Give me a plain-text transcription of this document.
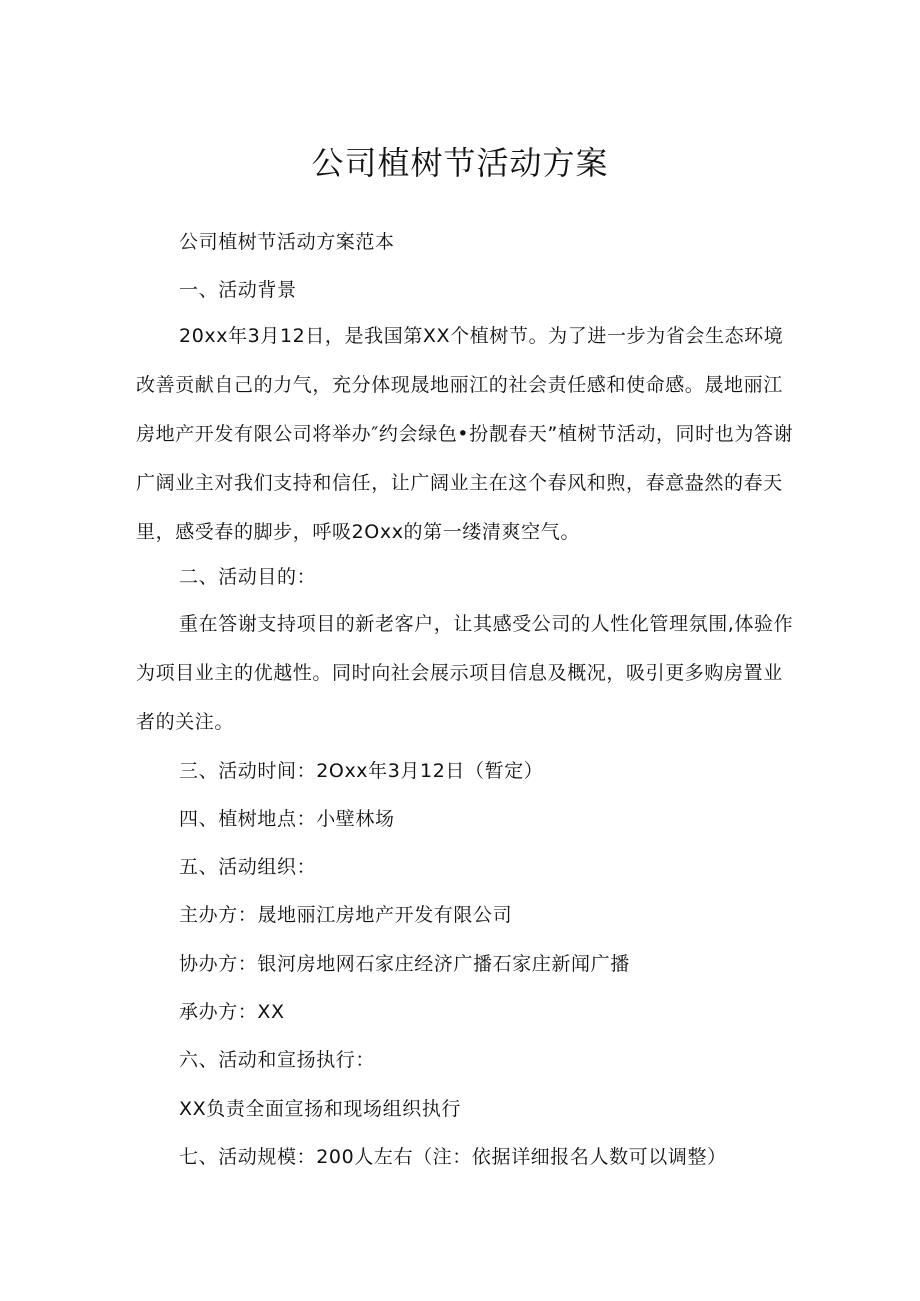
公司植树节活动方案
公司植树节活动方案范本
一、活动背景

20xx年3月12日，是我国第XX个植树节。为了进一步为省会生态环境改善贡献自己的力气，充分体现晟地丽江的社会责任感和使命感。晟地丽江房地产开发有限公司将举办″约会绿色•扮靓春天”植树节活动，同时也为答谢广阔业主对我们支持和信任，让广阔业主在这个春风和煦，春意盎然的春天里，感受春的脚步，呼吸2Oxx的第一缕清爽空气。

二、活动目的：

重在答谢支持项目的新老客户，让其感受公司的人性化管理氛围,体验作为项目业主的优越性。同时向社会展示项目信息及概况，吸引更多购房置业者的关注。

三、活动时间：2Oxx年3月12日（暂定）
四、植树地点：小壁林场
五、活动组织：
主办方：晟地丽江房地产开发有限公司
协办方：银河房地网石家庄经济广播石家庄新闻广播
承办方：XX
六、活动和宣扬执行：
XX负责全面宣扬和现场组织执行
七、活动规模：200人左右（注：依据详细报名人数可以调整）
